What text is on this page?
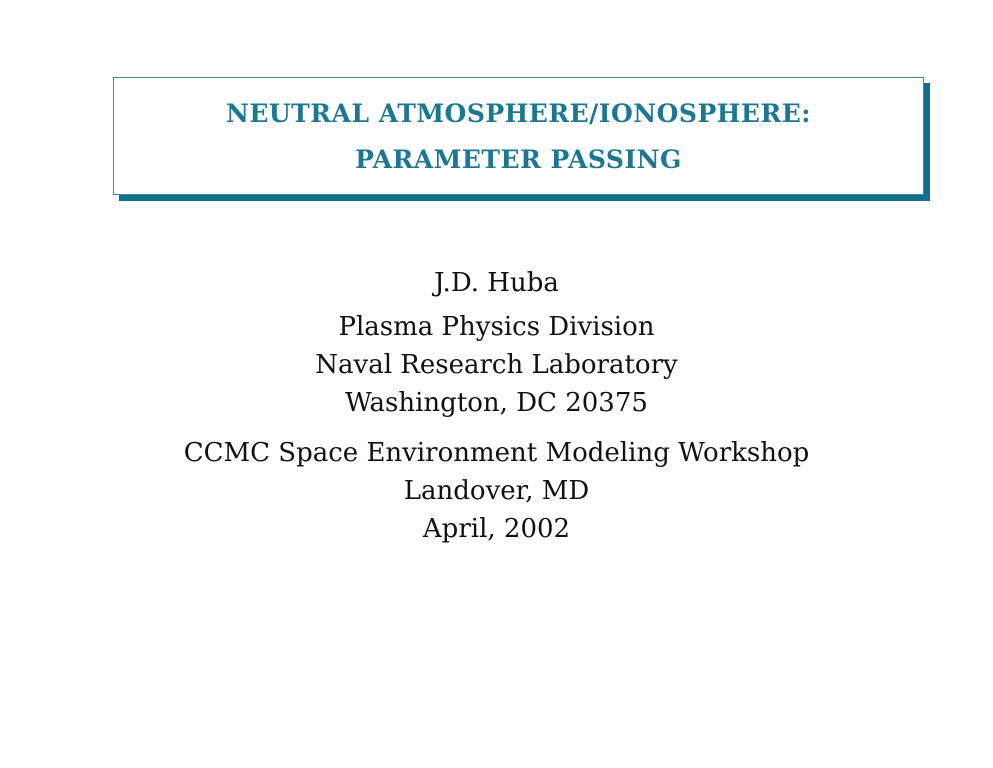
NEUTRAL ATMOSPHERE/IONOSPHERE:
PARAMETER PASSING
J.D. Huba
Plasma Physics Division
Naval Research Laboratory
Washington, DC 20375
CCMC Space Environment Modeling Workshop
Landover, MD
April, 2002
